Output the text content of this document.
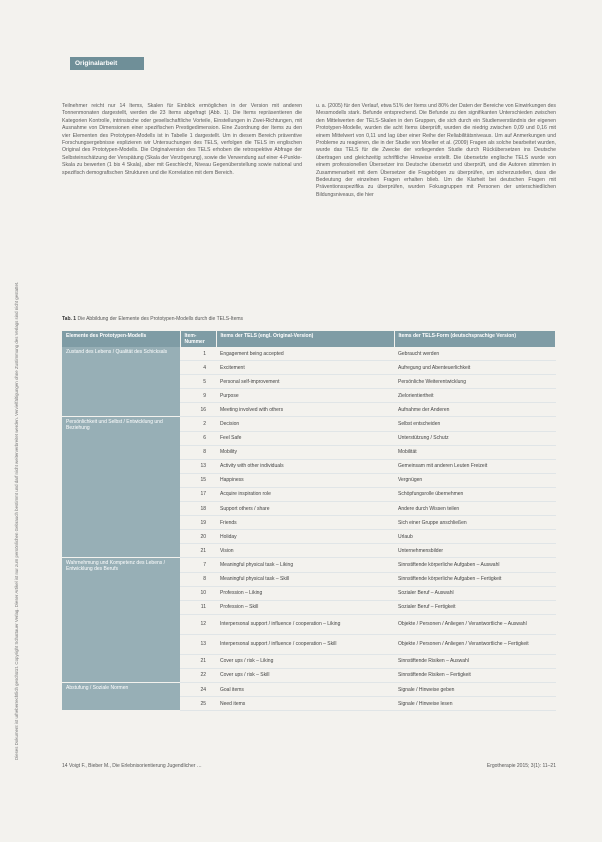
Originalarbeit
Dieses Dokument ist urheberrechtlich geschützt. Copyright Schattauer Verlag. Dieser Artikel ist nur zum persönlichen Gebrauch bestimmt und darf nicht weiterverbreitet werden. Vervielfältigungen ohne Zustimmung des Verlags sind nicht gestattet.
Teilnehmer reicht nur 14 Items, Skalen für Einblick ermöglichen in der Version mit anderen Tonnenmonaten dargestellt, werden die 23 Items abgefragt (Abb. 1). Die Items repräsentieren die Kategorien Kontrolle, intrinsische oder gesellschaftliche Vorteile, Einstellungen in Zwei-Richtungen, mit Ausnahme von Dimensionen einer spezifischen Prestigedimension. Eine Zuordnung der Items zu den vier Elementen des Prototypen-Modells ist in Tabelle 1 dargestellt. Um in diesem Bereich präventive Forschungsergebnisse explizieren wir Untersuchungen des TELS, verfolgen die TELS im englischen Original des Prototypen-Modells. Die Originalversion des TELS erhoben die retrospektive Abfrage der Selbsteinschätzung der Verspätung (Skala der Verzögerung), sowie die Verwendung auf einer 4-Punkte-Skala zu bewerten (1 bis 4 Skala), aber mit Geschlecht, Niveau Gegenüberstellung sowie national und spezifisch demografischen Strukturen und die Korrelation mit dem Bereich.
u. a. (2005) für den Verlauf, etwa 51% der Items und 80% der Daten der Bereiche von Einwirkungen des Messmodells stark. Befunde entsprechend. Die Befunde zu den signifikanten Unterschieden zwischen den Mittelwerten der TELS-Skalen in den Gruppen, die sich durch ein Studienverständnis der eigenen Prototypen-Modelle, wurden die acht Items überprüft, wurden die niedrig zwischen 0,09 und 0,16 mit einem Mittelwert von 0,11 und lag über einer Reihe der Reliabilitätsniveaus. Um auf Anmerkungen und Probleme zu reagieren, die in der Studie von Moeller et al. (2009) Fragen als solche bearbeitet wurden, wurde das TELS für die Zwecke der vorliegenden Studie durch Rückübersetzen ins Deutsche übertragen und gleichzeitig schriftliche Hinweise erstellt. Die übersetzte englische TELS wurde von einem professionellen Übersetzer ins Deutsche übersetzt und überprüft, und die Autoren stimmten in Zusammenarbeit mit dem Übersetzer die Fragebögen zu überprüfen, um sicherzustellen, dass die Bedeutung der einzelnen Fragen erhalten blieb. Um die Klarheit bei deutschen Fragen mit Präventionsspezifika zu überprüfen, wurden Fokusgruppen mit Personen der unterschiedlichen Bildungsniveaus, die hier
Tab. 1 Die Abbildung der Elemente des Prototypen-Modells durch die TELS-Items
Elemente des Prototypen-Modells	Item-Nummer	Items der TELS (engl. Original-Version)	Items der TELS-Form (deutschsprachige Version)
Zustand des Lebens / Qualität des Schicksals	1	Engagement being accepted	Gebraucht werden
	4	Excitement	Aufregung und Abenteuerlichkeit
	5	Personal self-improvement	Persönliche Weiterentwicklung
	9	Purpose	Zielorientiertheit
	16	Meeting involved with others	Aufnahme der Anderen
Persönlichkeit und Selbst / Entwicklung und Beziehung	2	Decision	Selbst entscheiden
	6	Feel Safe	Unterstützung / Schutz
	8	Mobility	Mobilität
	13	Activity with other individuals	Gemeinsam mit anderen Leuten Freizeit
	15	Happiness	Vergnügen
	17	Acquire inspiration role	Schöpfungsrolle übernehmen
	18	Support others / share	Andere durch Wissen teilen
	19	Friends	Sich einer Gruppe anschließen
	20	Holiday	Urlaub
	21	Vision	Unternehmensbilder
Wahrnehmung und Kompetenz des Lebens / Entwicklung des Berufs	7	Meaningful physical task – Liking	Sinnstiftende körperliche Aufgaben – Auswahl
	8	Meaningful physical task – Skill	Sinnstiftende körperliche Aufgaben – Fertigkeit
	10	Profession – Liking	Sozialer Beruf – Auswahl
	11	Profession – Skill	Sozialer Beruf – Fertigkeit
	12	Interpersonal support / influence / cooperation – Liking	Objekte / Personen / Anliegen / Verantwortliche – Auswahl
	13	Interpersonal support / influence / cooperation – Skill	Objekte / Personen / Anliegen / Verantwortliche – Fertigkeit
	21	Cover ups / risk – Liking	Sinnstiftende Risiken – Auswahl
	22	Cover ups / risk – Skill	Sinnstiftende Risiken – Fertigkeit
Abstufung / Soziale Normen	24	Goal items	Signale / Hinweise geben
	25	Need items	Signale / Hinweise lesen
14 Voigt F., Bieber M., Die Erlebnisorientierung Jugendlicher …	Ergotherapie 2015; 3(1): 11–21
